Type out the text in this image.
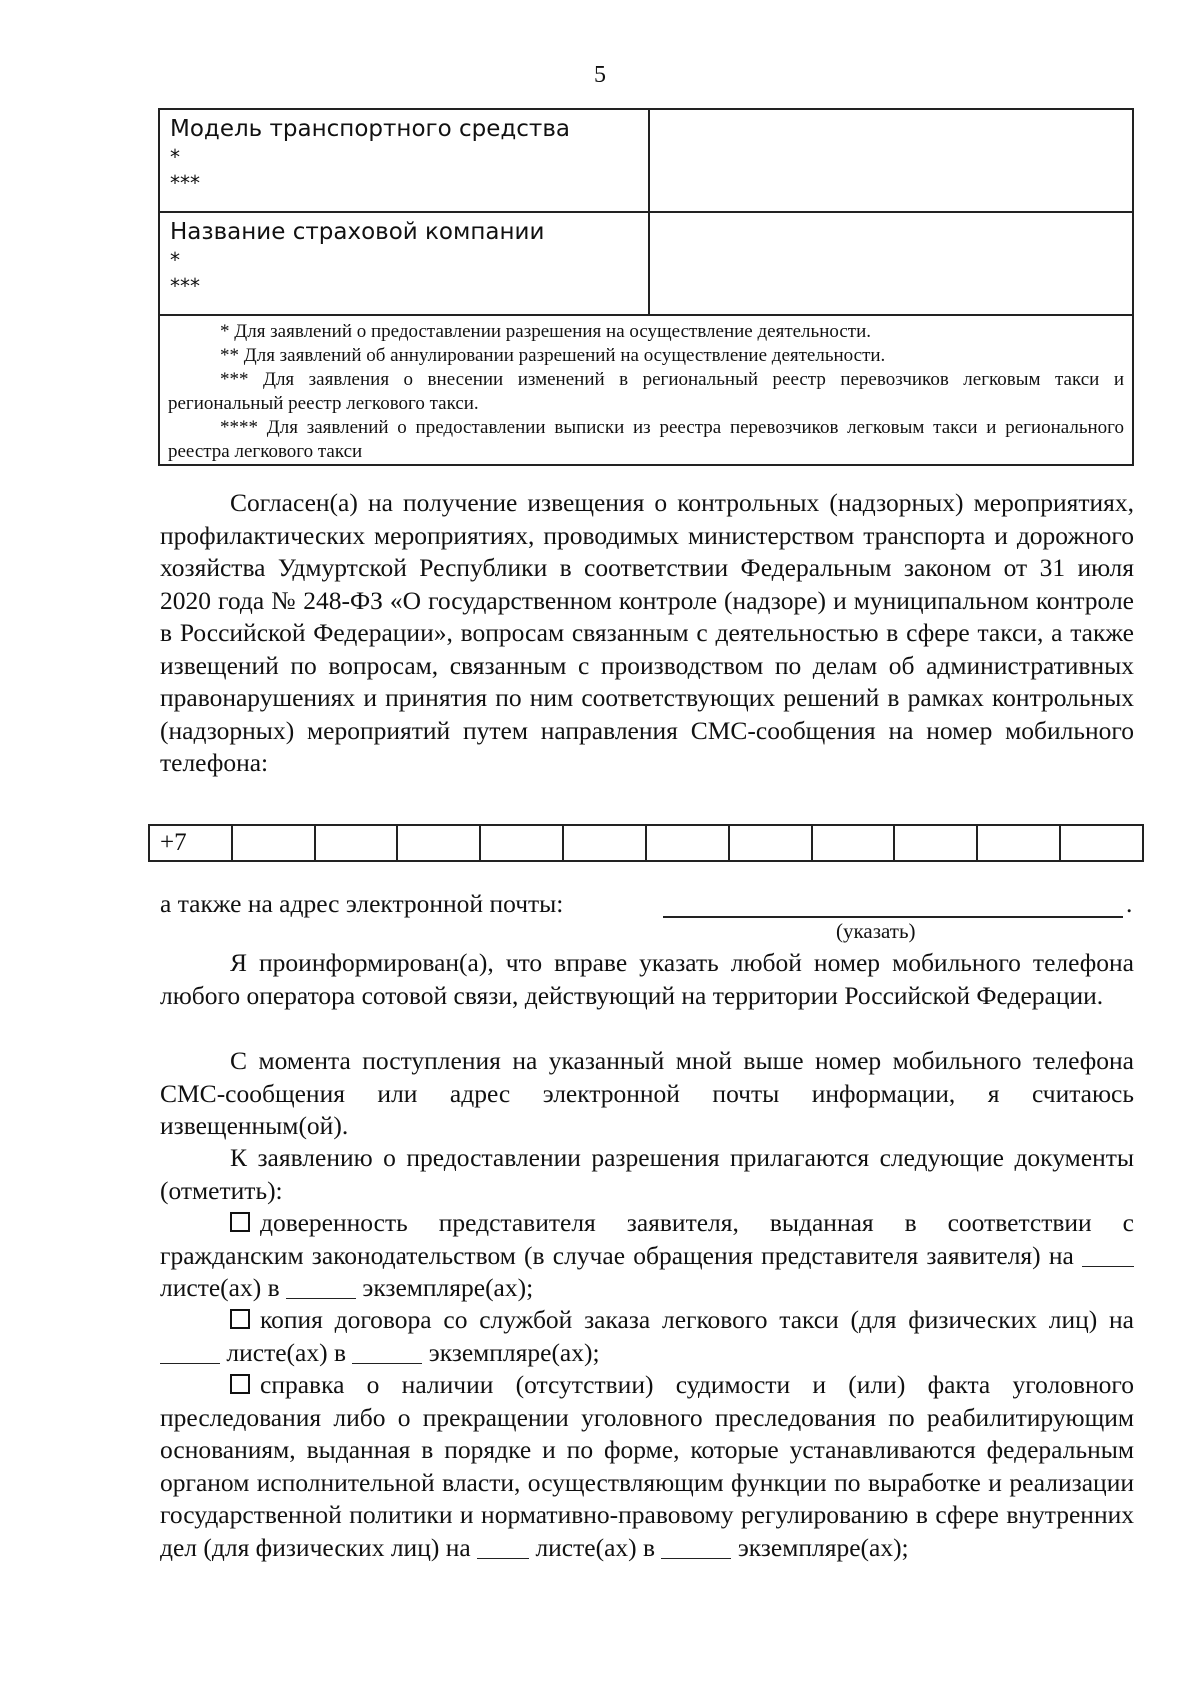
5
Модель транспортного средства
*
***
Название страховой компании
*
***

* Для заявлений о предоставлении разрешения на осуществление деятельности.

** Для заявлений об аннулировании разрешений на осуществление деятельности.

*** Для заявления о внесении изменений в региональный реестр перевозчиков легковым такси и региональный реестр легкового такси.

**** Для заявлений о предоставлении выписки из реестра перевозчиков легковым такси и регионального реестра легкового такси

Согласен(а) на получение извещения о контрольных (надзорных) мероприятиях, профилактических мероприятиях, проводимых министерством транспорта и дорожного хозяйства Удмуртской Республики в соответствии Федеральным законом от 31 июля 2020 года № 248-ФЗ «О государственном контроле (надзоре) и муниципальном контроле в Российской Федерации», вопросам связанным с деятельностью в сфере такси, а также извещений по вопросам, связанным с производством по делам об административных правонарушениях и принятия по ним соответствующих решений в рамках контрольных (надзорных) мероприятий путем направления СМС-сообщения на номер мобильного телефона:

+7
а также на адрес электронной почты:	.
(указать)

Я проинформирован(а), что вправе указать любой номер мобильного телефона любого оператора сотовой связи, действующий на территории Российской Федерации.

С момента поступления на указанный мной выше номер мобильного телефона СМС-сообщения или адрес электронной почты информации, я считаюсь извещенным(ой).

К заявлению о предоставлении разрешения прилагаются следующие документы (отметить):

доверенность представителя заявителя, выданная в соответствии с гражданским законодательством (в случае обращения представителя заявителя) на  листе(ах) в	экземпляре(ах);

копия договора со службой заказа легкового такси (для физических лиц) на  листе(ах) в	экземпляре(ах);

справка о наличии (отсутствии) судимости и (или) факта уголовного преследования либо о прекращении уголовного преследования по реабилитирующим основаниям, выданная в порядке и по форме, которые устанавливаются федеральным органом исполнительной власти, осуществляющим функции по выработке и реализации государственной политики и нормативно-правовому регулированию в сфере внутренних дел (для физических лиц) на	листе(ах) в	экземпляре(ах);
